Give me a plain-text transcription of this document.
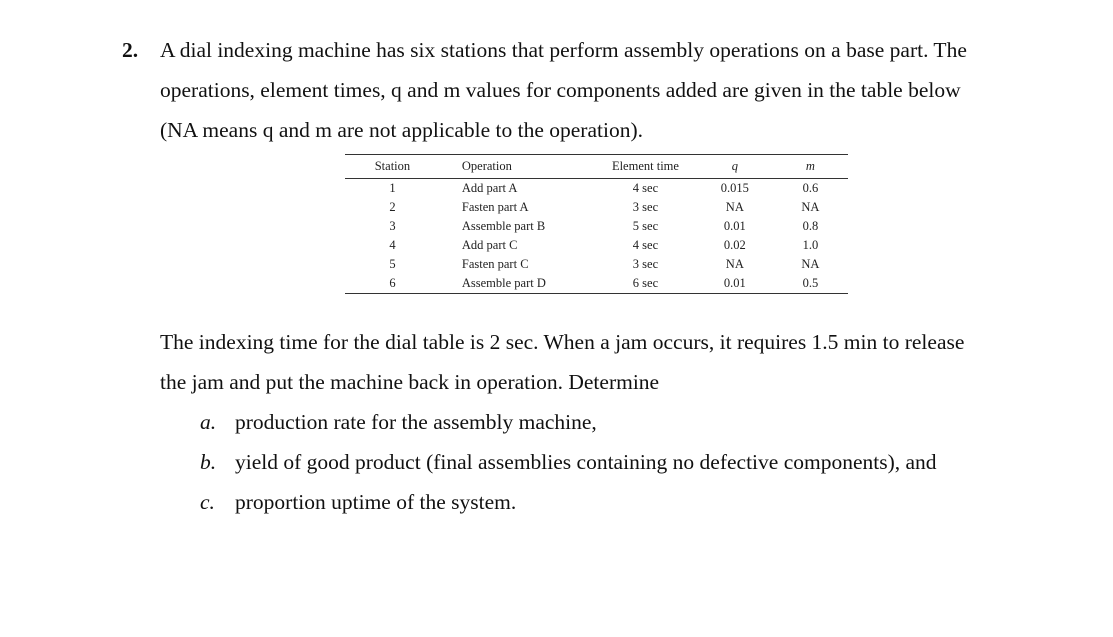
2. A dial indexing machine has six stations that perform assembly operations on a base part. The
operations, element times, q and m values for components added are given in the table below
(NA means q and m are not applicable to the operation).
Station	Operation	Element time	q	m
1	Add part A	4 sec	0.015	0.6
2	Fasten part A	3 sec	NA	NA
3	Assemble part B	5 sec	0.01	0.8
4	Add part C	4 sec	0.02	1.0
5	Fasten part C	3 sec	NA	NA
6	Assemble part D	6 sec	0.01	0.5
The indexing time for the dial table is 2 sec. When a jam occurs, it requires 1.5 min to release
the jam and put the machine back in operation. Determine
a. production rate for the assembly machine,
b. yield of good product (final assemblies containing no defective components), and
c. proportion uptime of the system.
